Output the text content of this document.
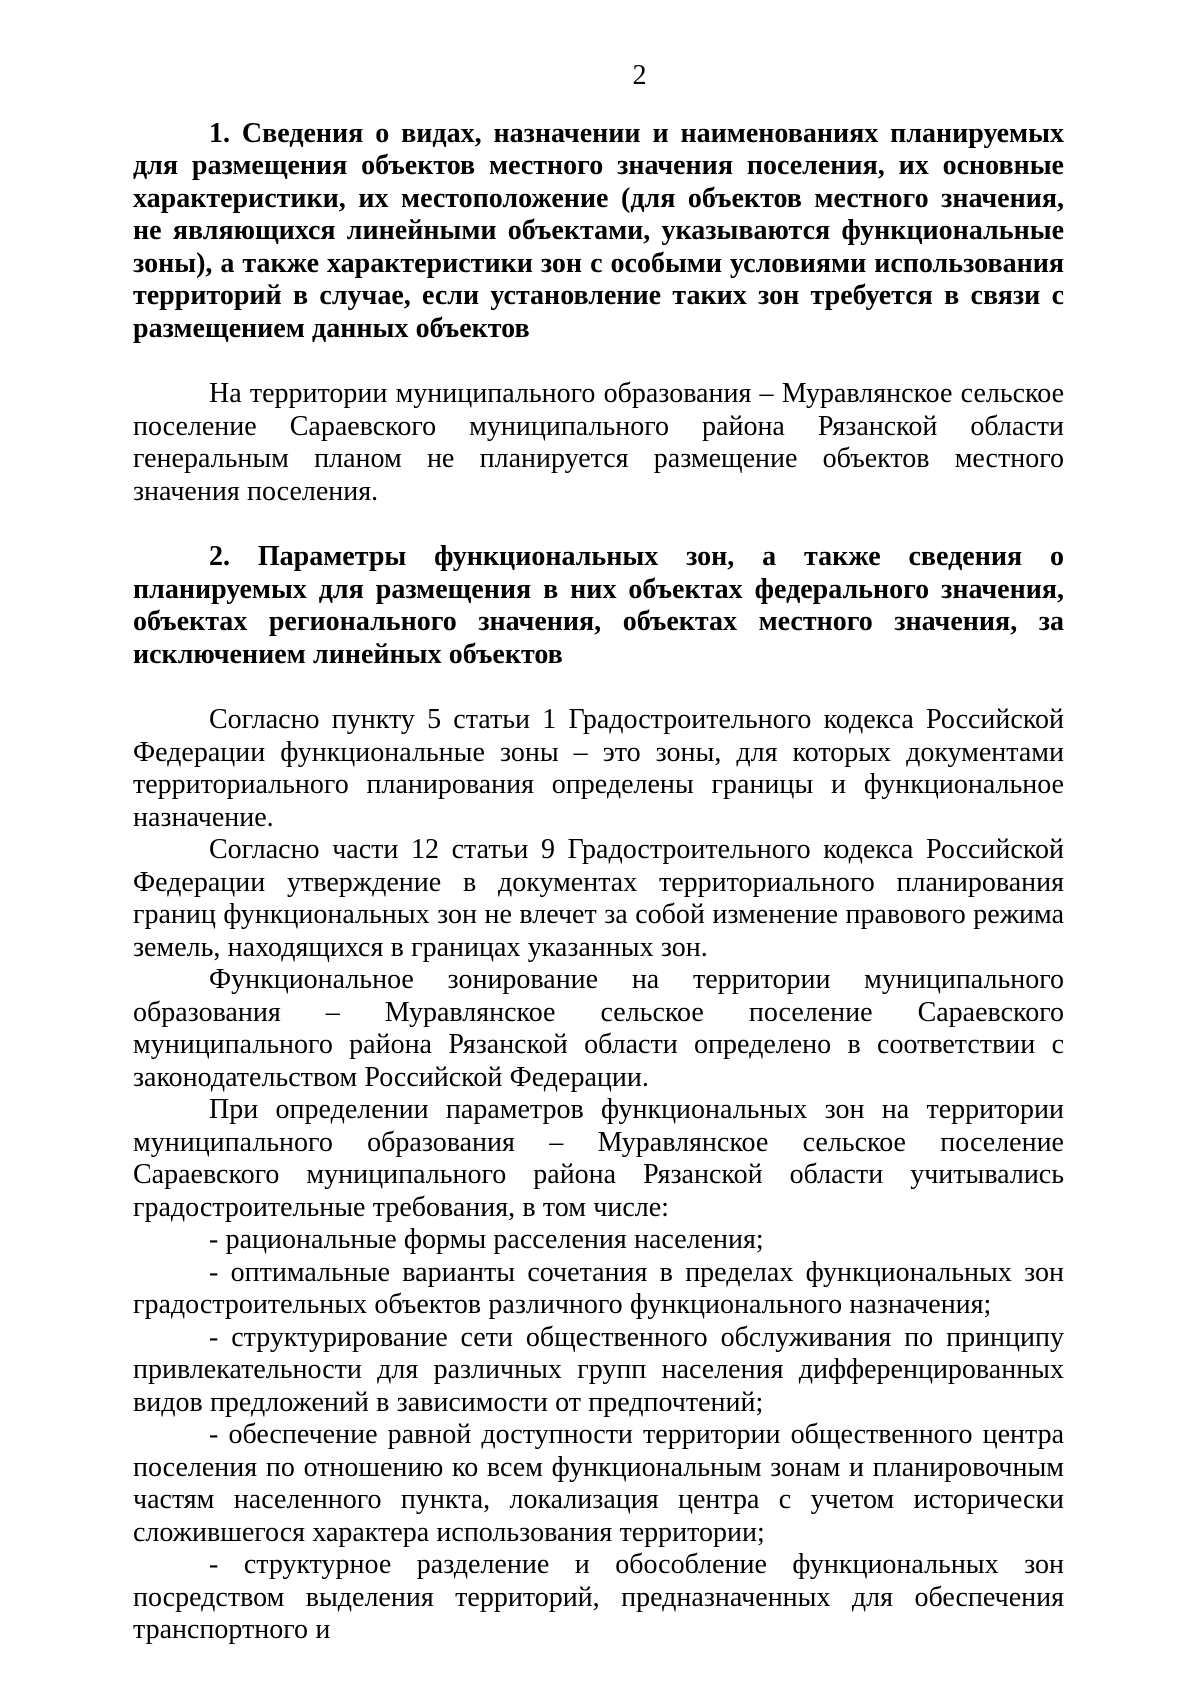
2

1. Сведения о видах, назначении и наименованиях планируемых для размещения объектов местного значения поселения, их основные характеристики, их местоположение (для объектов местного значения, не являющихся линейными объектами, указываются функциональные зоны), а также характеристики зон с особыми условиями использования территорий в случае, если установление таких зон требуется в связи с размещением данных объектов

На территории муниципального образования – Муравлянское сельское поселение Сараевского муниципального района Рязанской области генеральным планом не планируется размещение объектов местного значения поселения.

2. Параметры функциональных зон, а также сведения о планируемых для размещения в них объектах федерального значения, объектах регионального значения, объектах местного значения, за исключением линейных объектов

Согласно пункту 5 статьи 1 Градостроительного кодекса Российской Федерации функциональные зоны – это зоны, для которых документами территориального планирования определены границы и функциональное назначение.

Согласно части 12 статьи 9 Градостроительного кодекса Российской Федерации утверждение в документах территориального планирования границ функциональных зон не влечет за собой изменение правового режима земель, находящихся в границах указанных зон.

Функциональное зонирование на территории муниципального образования – Муравлянское сельское поселение Сараевского муниципального района Рязанской области определено в соответствии с законодательством Российской Федерации.

При определении параметров функциональных зон на территории муниципального образования – Муравлянское сельское поселение Сараевского муниципального района Рязанской области учитывались градостроительные требования, в том числе:

- рациональные формы расселения населения;

- оптимальные варианты сочетания в пределах функциональных зон градостроительных объектов различного функционального назначения;

- структурирование сети общественного обслуживания по принципу привлекательности для различных групп населения дифференцированных видов предложений в зависимости от предпочтений;

- обеспечение равной доступности территории общественного центра поселения по отношению ко всем функциональным зонам и планировочным частям населенного пункта, локализация центра с учетом исторически сложившегося характера использования территории;

- структурное разделение и обособление функциональных зон посредством выделения территорий, предназначенных для обеспечения транспортного и
